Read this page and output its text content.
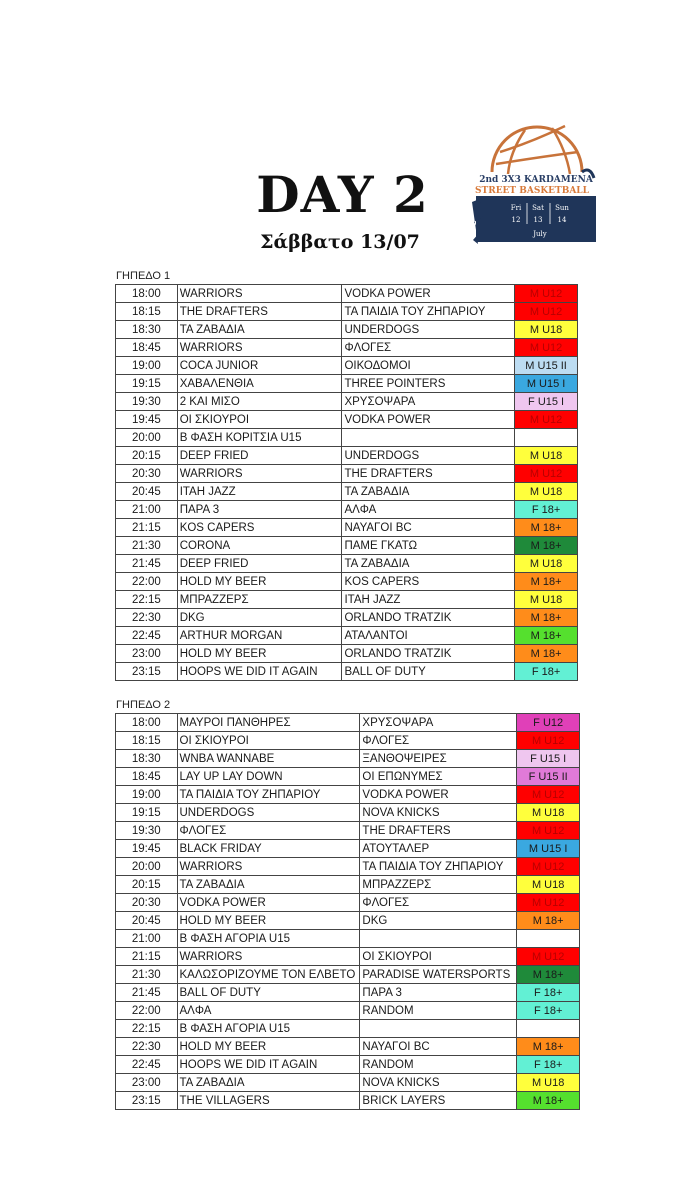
DAY 2
Σάββατο 13/07
2nd 3X3 KARDAMENA
STREET BASKETBALL
Fri
12
Sat
13
Sun
14
July
ΓΗΠΕΔΟ 1
18:00	WARRIORS	VODKA POWER	M U12
18:15	THE DRAFTERS	ΤΑ ΠΑΙΔΙΑ ΤΟΥ ΖΗΠΑΡΙΟΥ	M U12
18:30	ΤΑ ΖΑΒΑΔΙΑ	UNDERDOGS	M U18
18:45	WARRIORS	ΦΛΟΓΕΣ	M U12
19:00	COCA JUNIOR	ΟΙΚΟΔΟΜΟΙ	M U15 II
19:15	ΧΑΒΑΛΕΝΘΙΑ	THREE POINTERS	M U15 I
19:30	2 ΚΑΙ ΜΙΣΟ	ΧΡΥΣΟΨΑΡΑ	F U15 I
19:45	ΟΙ ΣΚΙΟΥΡΟΙ	VODKA POWER	M U12
20:00	Β ΦΑΣΗ ΚΟΡΙΤΣΙΑ U15		
20:15	DEEP FRIED	UNDERDOGS	M U18
20:30	WARRIORS	THE DRAFTERS	M U12
20:45	ΙΤΑΗ JAZZ	ΤΑ ΖΑΒΑΔΙΑ	M U18
21:00	ΠΑΡΑ 3	ΑΛΦΑ	F 18+
21:15	KOS CAPERS	ΝΑΥΑΓΟΙ BC	M 18+
21:30	CORONA	ΠΑΜΕ ΓΚΑΤΩ	M 18+
21:45	DEEP FRIED	ΤΑ ΖΑΒΑΔΙΑ	M U18
22:00	HOLD MY BEER	KOS CAPERS	M 18+
22:15	ΜΠΡΑΖΖΕΡΣ	ΙΤΑΗ JAZZ	M U18
22:30	DKG	ORLANDO TRATZIK	M 18+
22:45	ARTHUR MORGAN	ΑΤΑΛΑΝΤΟΙ	M 18+
23:00	HOLD MY BEER	ORLANDO TRATZIK	M 18+
23:15	HOOPS WE DID IT AGAIN	BALL OF DUTY	F 18+
ΓΗΠΕΔΟ 2
18:00	ΜΑΥΡΟΙ ΠΑΝΘΗΡΕΣ	ΧΡΥΣΟΨΑΡΑ	F U12
18:15	ΟΙ ΣΚΙΟΥΡΟΙ	ΦΛΟΓΕΣ	M U12
18:30	WNBA WANNABE	ΞΑΝΘΟΨΕΙΡΕΣ	F U15 I
18:45	LAY UP LAY DOWN	ΟΙ ΕΠΩΝΥΜΕΣ	F U15 II
19:00	ΤΑ ΠΑΙΔΙΑ ΤΟΥ ΖΗΠΑΡΙΟΥ	VODKA POWER	M U12
19:15	UNDERDOGS	NOVA KNICKS	M U18
19:30	ΦΛΟΓΕΣ	THE DRAFTERS	M U12
19:45	BLACK FRIDAY	ΑΤΟΥΤΑΛΕΡ	M U15 I
20:00	WARRIORS	ΤΑ ΠΑΙΔΙΑ ΤΟΥ ΖΗΠΑΡΙΟΥ	M U12
20:15	ΤΑ ΖΑΒΑΔΙΑ	ΜΠΡΑΖΖΕΡΣ	M U18
20:30	VODKA POWER	ΦΛΟΓΕΣ	M U12
20:45	HOLD MY BEER	DKG	M 18+
21:00	Β ΦΑΣΗ ΑΓΟΡΙΑ U15		
21:15	WARRIORS	ΟΙ ΣΚΙΟΥΡΟΙ	M U12
21:30	ΚΑΛΩΣΟΡΙΖΟΥΜΕ ΤΟΝ ΕΛΒΕΤΟ	PARADISE WATERSPORTS	M 18+
21:45	BALL OF DUTY	ΠΑΡΑ 3	F 18+
22:00	ΑΛΦΑ	RANDOM	F 18+
22:15	Β ΦΑΣΗ ΑΓΟΡΙΑ U15		
22:30	HOLD MY BEER	ΝΑΥΑΓΟΙ BC	M 18+
22:45	HOOPS WE DID IT AGAIN	RANDOM	F 18+
23:00	ΤΑ ΖΑΒΑΔΙΑ	NOVA KNICKS	M U18
23:15	THE VILLAGERS	BRICK LAYERS	M 18+
